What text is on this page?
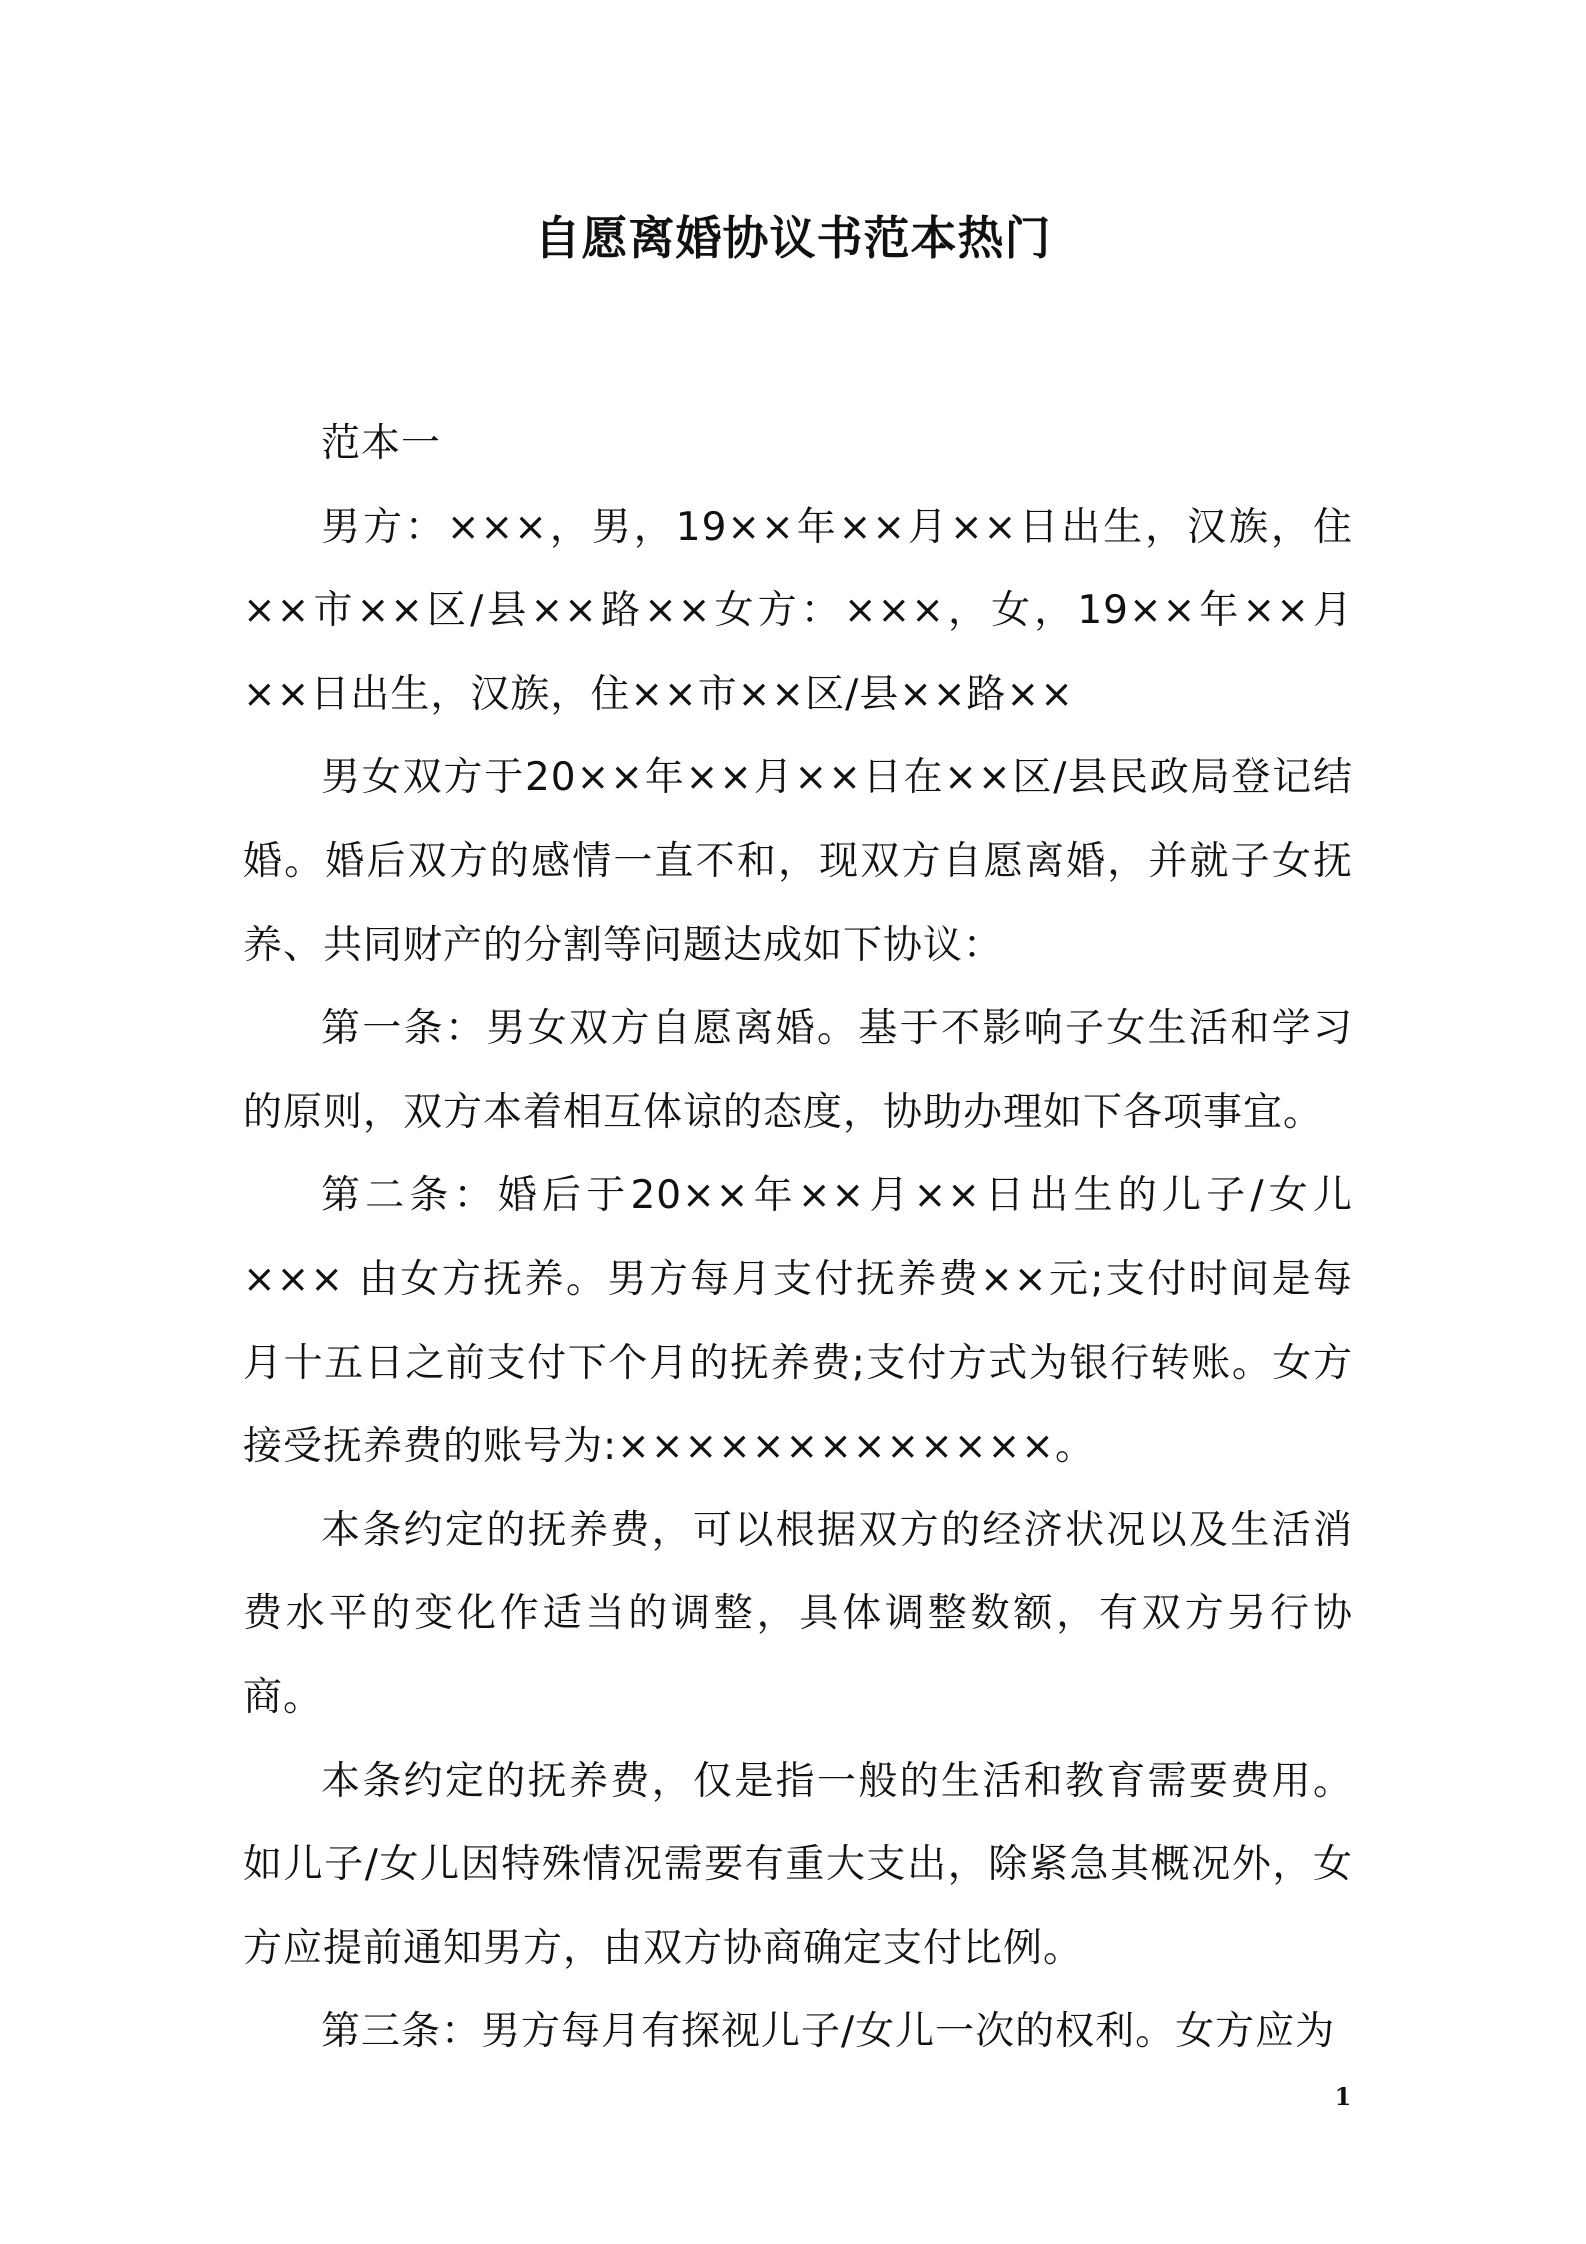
自愿离婚协议书范本热门

范本一

男方：×××，男，19××年××月××日出生，汉族，住××市××区/县××路××女方：×××，女，19××年××月××日出生，汉族，住××市××区/县××路××

男女双方于20××年××月××日在××区/县民政局登记结婚。婚后双方的感情一直不和，现双方自愿离婚，并就子女抚养、共同财产的分割等问题达成如下协议：

第一条：男女双方自愿离婚。基于不影响子女生活和学习的原则，双方本着相互体谅的态度，协助办理如下各项事宜。

第二条：婚后于20××年××月××日出生的儿子/女儿××× 由女方抚养。男方每月支付抚养费××元;支付时间是每月十五日之前支付下个月的抚养费;支付方式为银行转账。女方接受抚养费的账号为:×××××××××××××。

本条约定的抚养费，可以根据双方的经济状况以及生活消费水平的变化作适当的调整，具体调整数额，有双方另行协商。

本条约定的抚养费，仅是指一般的生活和教育需要费用。如儿子/女儿因特殊情况需要有重大支出，除紧急其概况外，女方应提前通知男方，由双方协商确定支付比例。

第三条：男方每月有探视儿子/女儿一次的权利。女方应为

1
